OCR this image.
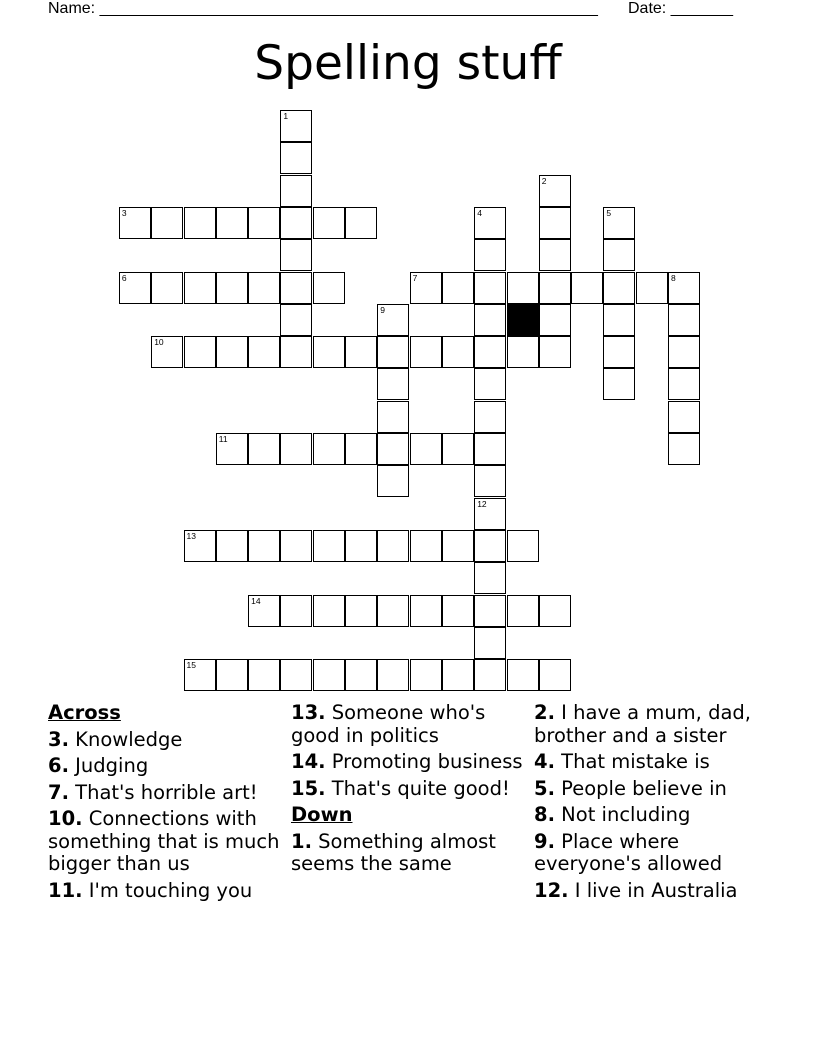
Name: ________________________________________________________ Date: _______
Spelling stuff
1
3
6
2
4	5
7	8
9
10
11
12
13
14
15
Across
3. Knowledge
6. Judging
7. That's horrible art!
10. Connections with something that is much bigger than us
11. I'm touching you
13. Someone who's good in politics
14. Promoting business
15. That's quite good!
Down
1. Something almost seems the same
2. I have a mum, dad, brother and a sister
4. That mistake is
5. People believe in
8. Not including
9. Place where everyone's allowed
12. I live in Australia
